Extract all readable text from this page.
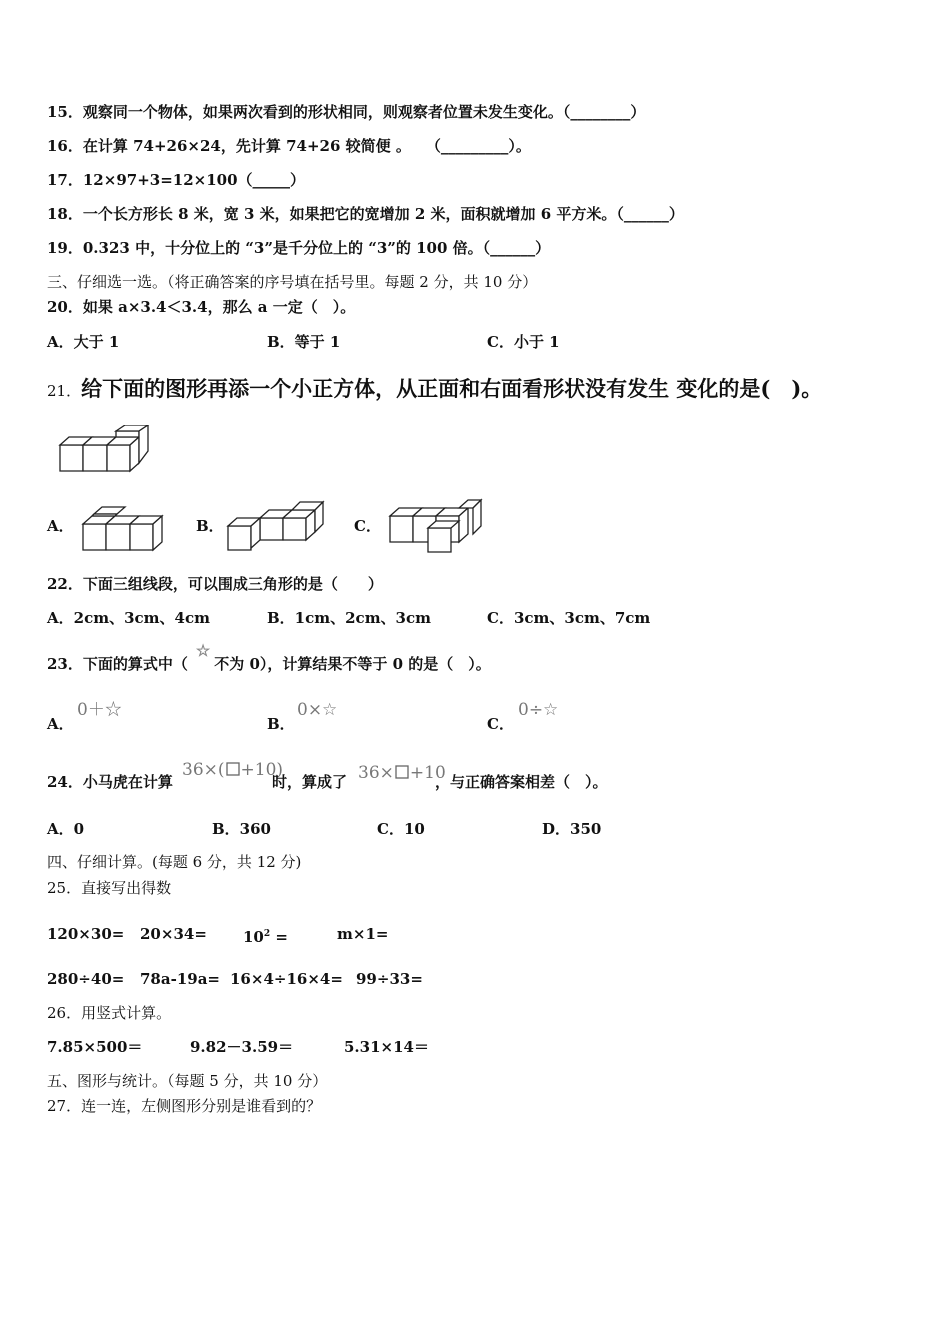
15．观察同一个物体，如果两次看到的形状相同，则观察者位置未发生变化。（________）
16．在计算 74+26×24，先计算 74+26 较简便 。　　（_________）。
17．12×97+3=12×100（_____）
18．一个长方形长 8 米，宽 3 米，如果把它的宽增加 2 米，面积就增加 6 平方米。（______）
19．0.323 中，十分位上的 “3”是千分位上的 “3”的 100 倍。（______）
三、仔细选一选。（将正确答案的序号填在括号里。每题 2 分，共 10 分）
20．如果 a×3.4＜3.4，那么 a 一定（　）。
A．大于 1	B．等于 1	C．小于 1
21．给下面的图形再添一个小正方体，从正面和右面看形状没有发生 变化的是(　)。
A．	B．	C．
22．下面三组线段，可以围成三角形的是（　　）
A．2cm、3cm、4cm	B．1cm、2cm、3cm	C．3cm、3cm、7cm
23．下面的算式中（☆不为 0），计算结果不等于 0 的是（　）。
A．
0＋☆
B．
0×☆
C．
0÷☆
24．小马虎在计算
36×( +10)
时，算成了 36× +10
，与正确答案相差（　）。
A．0	B．360	C．10	D．350
四、仔细计算。(每题 6 分，共 12 分)
25．直接写出得数
$120\times 30= 20\times 34= 10^2$ =	m×1=
280÷40= 78a-19a= 16×4÷16×4= 99÷33=
26．用竖式计算。
7.85×500＝	9.82－3.59＝	5.31×14＝
五、图形与统计。（每题 5 分，共 10 分）
27．连一连，左侧图形分别是谁看到的？
